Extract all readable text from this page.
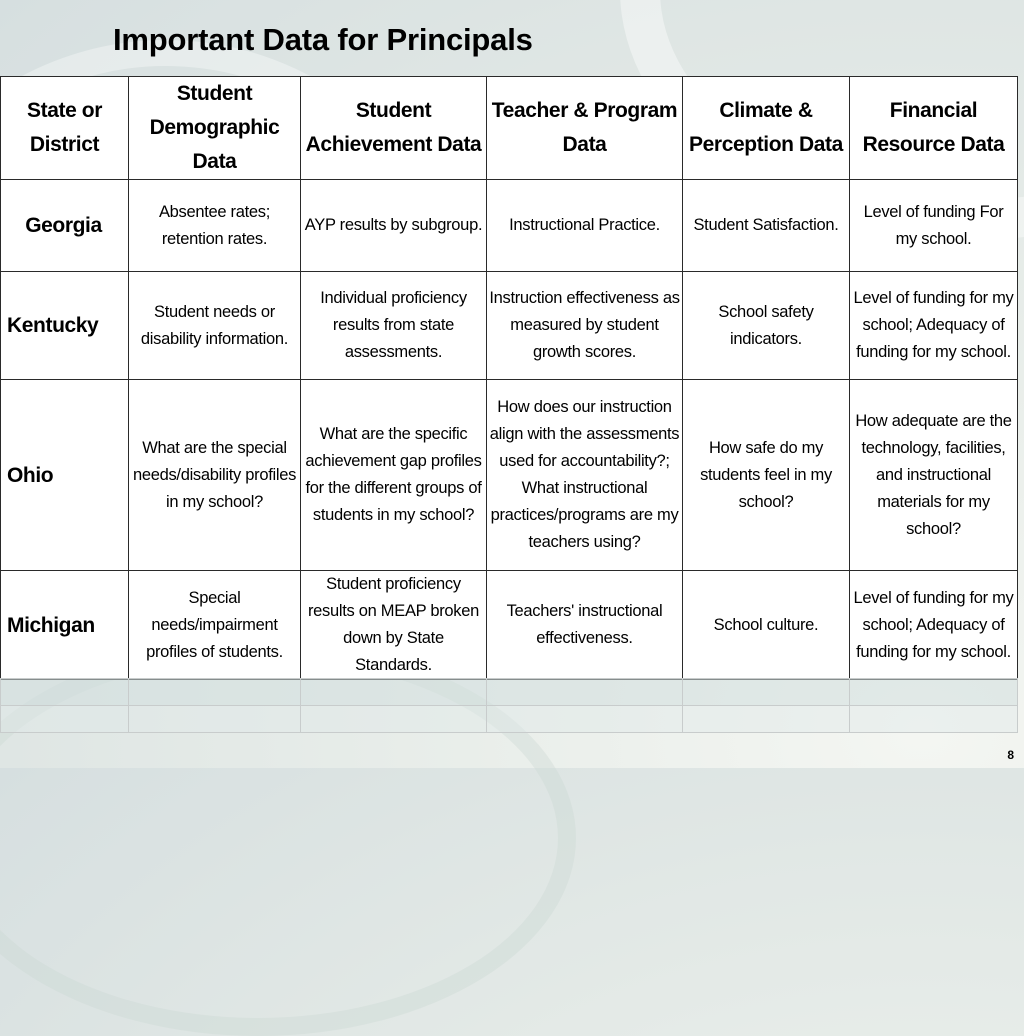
Important Data for Principals
State or District	Student Demographic Data	Student Achievement Data	Teacher & Program Data	Climate & Perception Data	Financial Resource Data
Georgia	Absentee rates; retention rates.	AYP results by subgroup.	Instructional Practice.	Student Satisfaction.	Level of funding For my school.
Kentucky	Student needs or disability information.	Individual proficiency results from state assessments.	Instruction effectiveness as measured by student growth scores.	School safety indicators.	Level of funding for my school; Adequacy of funding for my school.
Ohio	What are the special needs/disability profiles in my school?	What are the specific achievement gap profiles for the different groups of students in my school?	How does our instruction align with the assessments used for accountability?; What instructional practices/programs are my teachers using?	How safe do my students feel in my school?	How adequate are the technology, facilities, and instructional materials for my school?
Michigan	Special needs/impairment profiles of students.	Student proficiency results on MEAP broken down by State Standards.	Teachers' instructional effectiveness.	School culture.	Level of funding for my school; Adequacy of funding for my school.

8
